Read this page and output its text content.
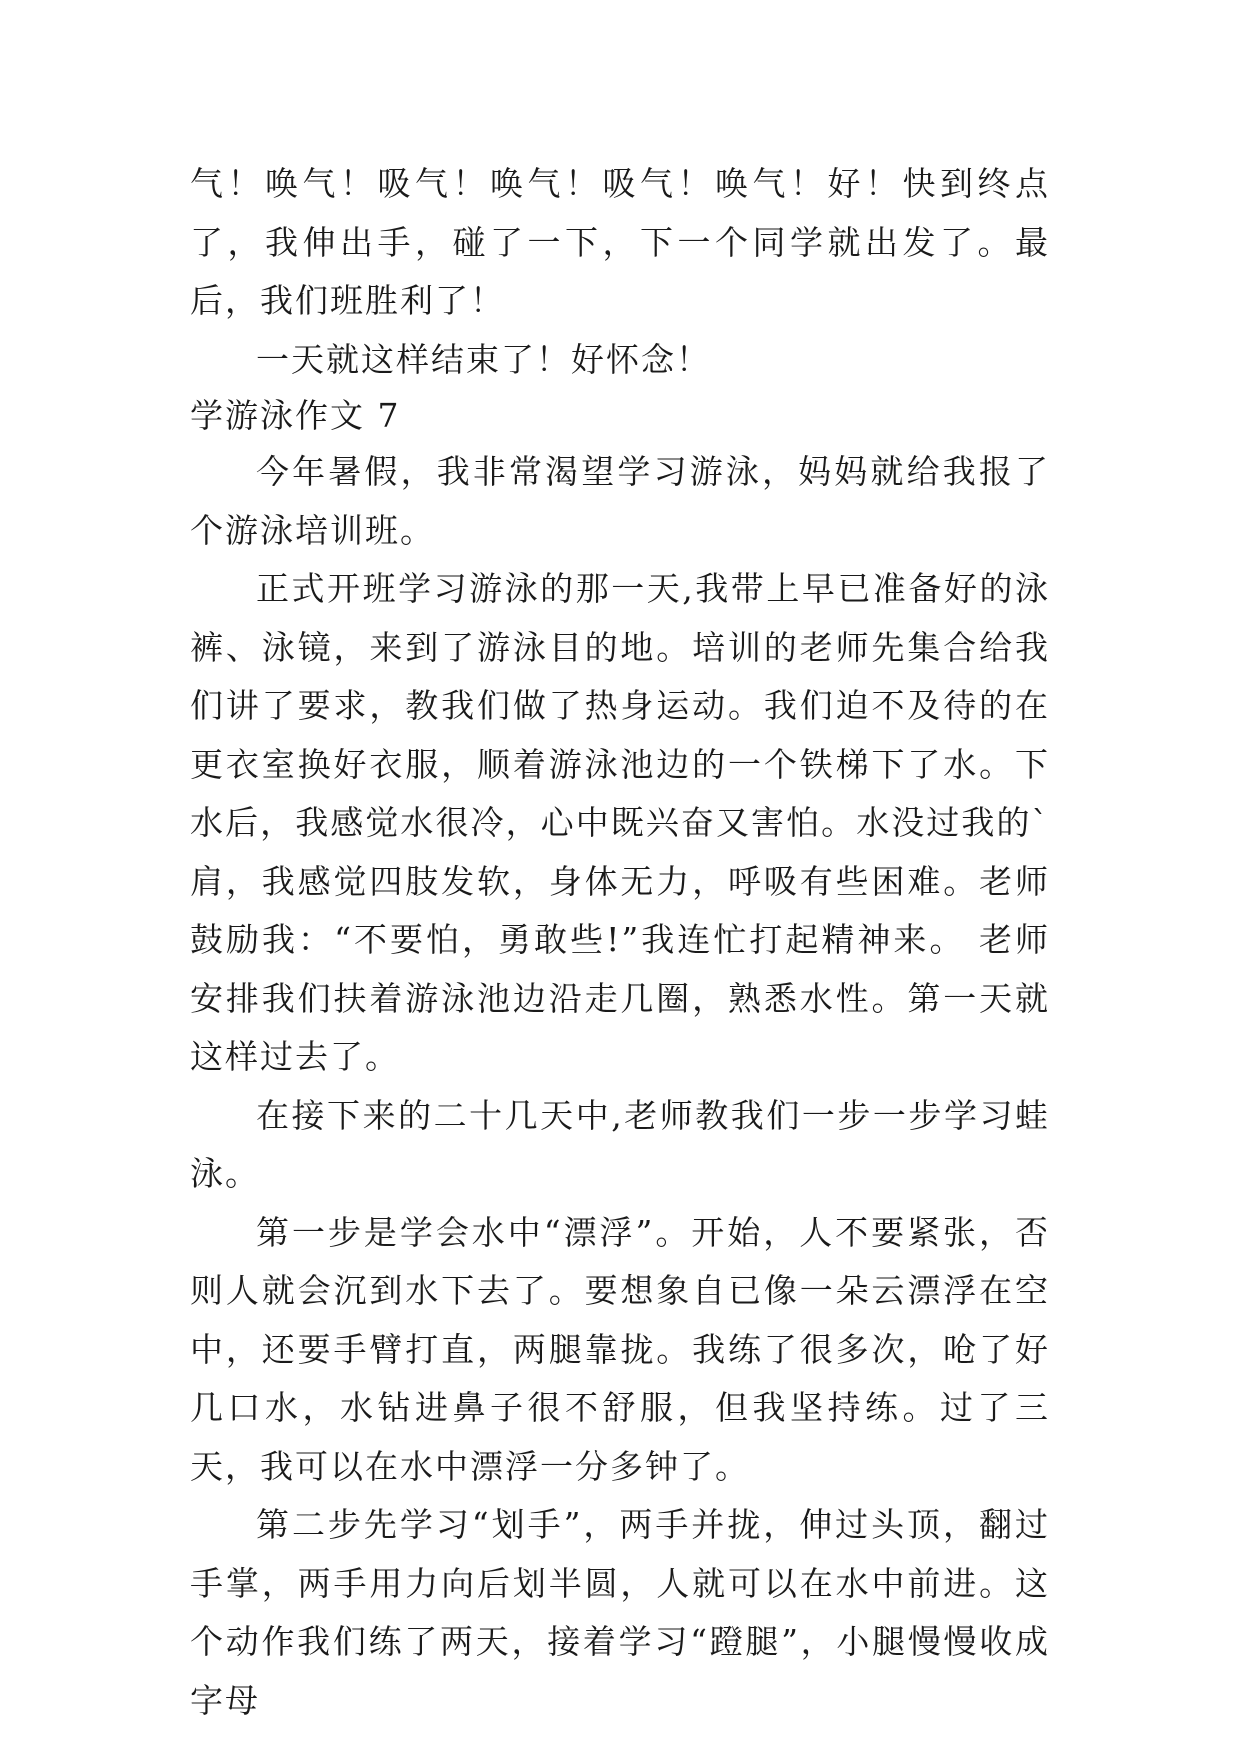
气！唤气！吸气！唤气！吸气！唤气！好！快到终点了，我伸出手，碰了一下，下一个同学就出发了。最后，我们班胜利了！

一天就这样结束了！好怀念！

学游泳作文 7

今年暑假，我非常渴望学习游泳，妈妈就给我报了个游泳培训班。

正式开班学习游泳的那一天,我带上早已准备好的泳裤、泳镜，来到了游泳目的地。培训的老师先集合给我们讲了要求，教我们做了热身运动。我们迫不及待的在更衣室换好衣服，顺着游泳池边的一个铁梯下了水。下水后，我感觉水很冷，心中既兴奋又害怕。水没过我的`肩，我感觉四肢发软，身体无力，呼吸有些困难。老师鼓励我：“不要怕，勇敢些!”我连忙打起精神来。 老师安排我们扶着游泳池边沿走几圈，熟悉水性。第一天就这样过去了。

在接下来的二十几天中,老师教我们一步一步学习蛙泳。

第一步是学会水中“漂浮”。开始，人不要紧张，否则人就会沉到水下去了。要想象自已像一朵云漂浮在空中，还要手臂打直，两腿靠拢。我练了很多次，呛了好几口水，水钻进鼻子很不舒服，但我坚持练。过了三天，我可以在水中漂浮一分多钟了。

第二步先学习“划手”，两手并拢，伸过头顶，翻过手掌，两手用力向后划半圆，人就可以在水中前进。这个动作我们练了两天，接着学习“蹬腿”，小腿慢慢收成字母
